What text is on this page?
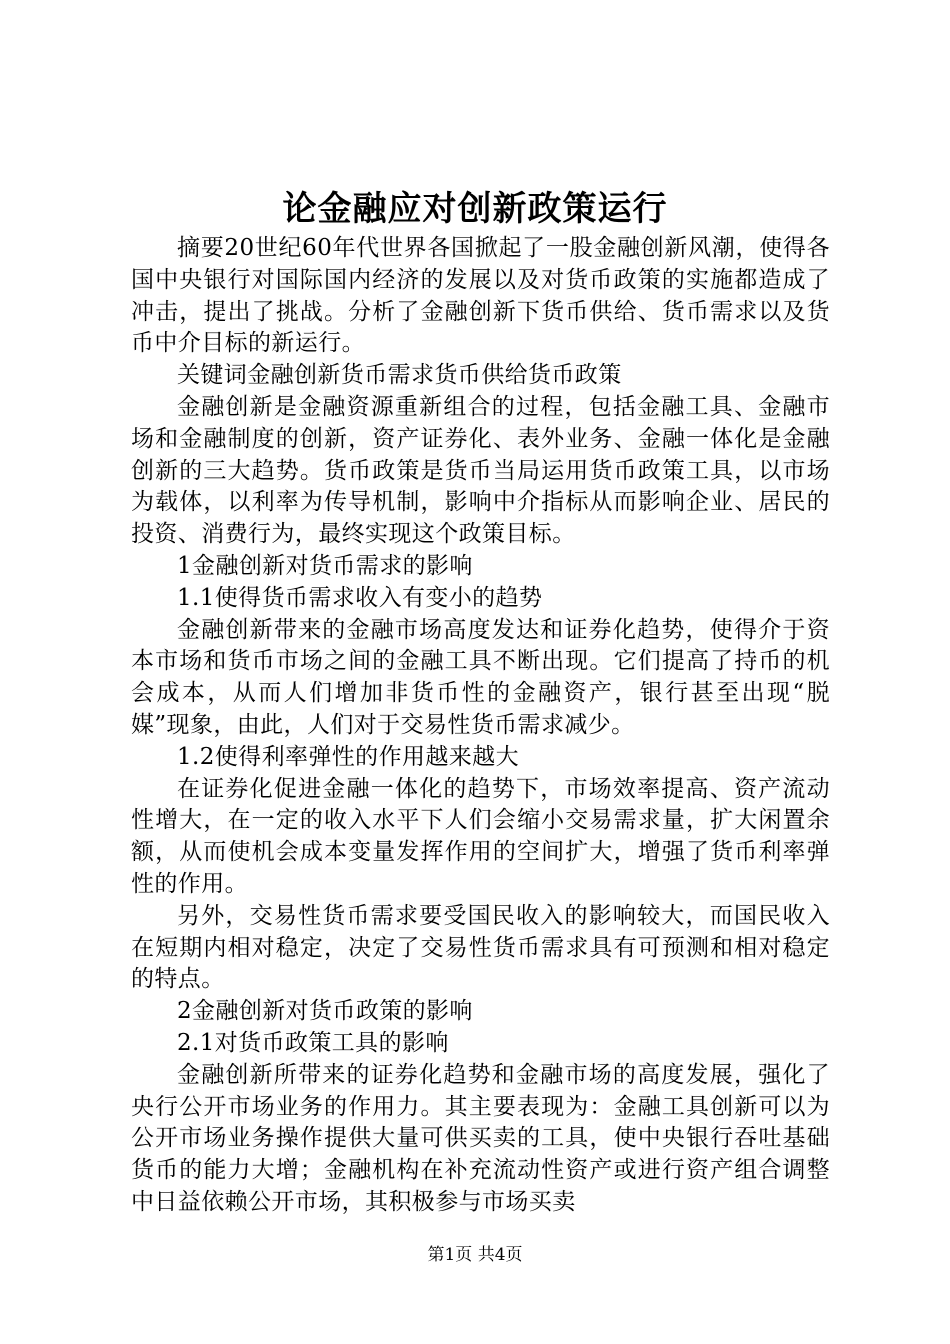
论金融应对创新政策运行

摘要20世纪60年代世界各国掀起了一股金融创新风潮，使得各国中央银行对国际国内经济的发展以及对货币政策的实施都造成了冲击，提出了挑战。分析了金融创新下货币供给、货币需求以及货币中介目标的新运行。

关键词金融创新货币需求货币供给货币政策

金融创新是金融资源重新组合的过程，包括金融工具、金融市场和金融制度的创新，资产证券化、表外业务、金融一体化是金融创新的三大趋势。货币政策是货币当局运用货币政策工具，以市场为载体，以利率为传导机制，影响中介指标从而影响企业、居民的投资、消费行为，最终实现这个政策目标。

1金融创新对货币需求的影响

1.1使得货币需求收入有变小的趋势

金融创新带来的金融市场高度发达和证券化趋势，使得介于资本市场和货币市场之间的金融工具不断出现。它们提高了持币的机会成本，从而人们增加非货币性的金融资产，银行甚至出现“脱媒”现象，由此，人们对于交易性货币需求减少。

1.2使得利率弹性的作用越来越大

在证券化促进金融一体化的趋势下，市场效率提高、资产流动性增大，在一定的收入水平下人们会缩小交易需求量，扩大闲置余额，从而使机会成本变量发挥作用的空间扩大，增强了货币利率弹性的作用。

另外，交易性货币需求要受国民收入的影响较大，而国民收入在短期内相对稳定，决定了交易性货币需求具有可预测和相对稳定的特点。

2金融创新对货币政策的影响

2.1对货币政策工具的影响

金融创新所带来的证券化趋势和金融市场的高度发展，强化了央行公开市场业务的作用力。其主要表现为：金融工具创新可以为公开市场业务操作提供大量可供买卖的工具，使中央银行吞吐基础货币的能力大增；金融机构在补充流动性资产或进行资产组合调整中日益依赖公开市场，其积极参与市场买卖

第1页 共4页
